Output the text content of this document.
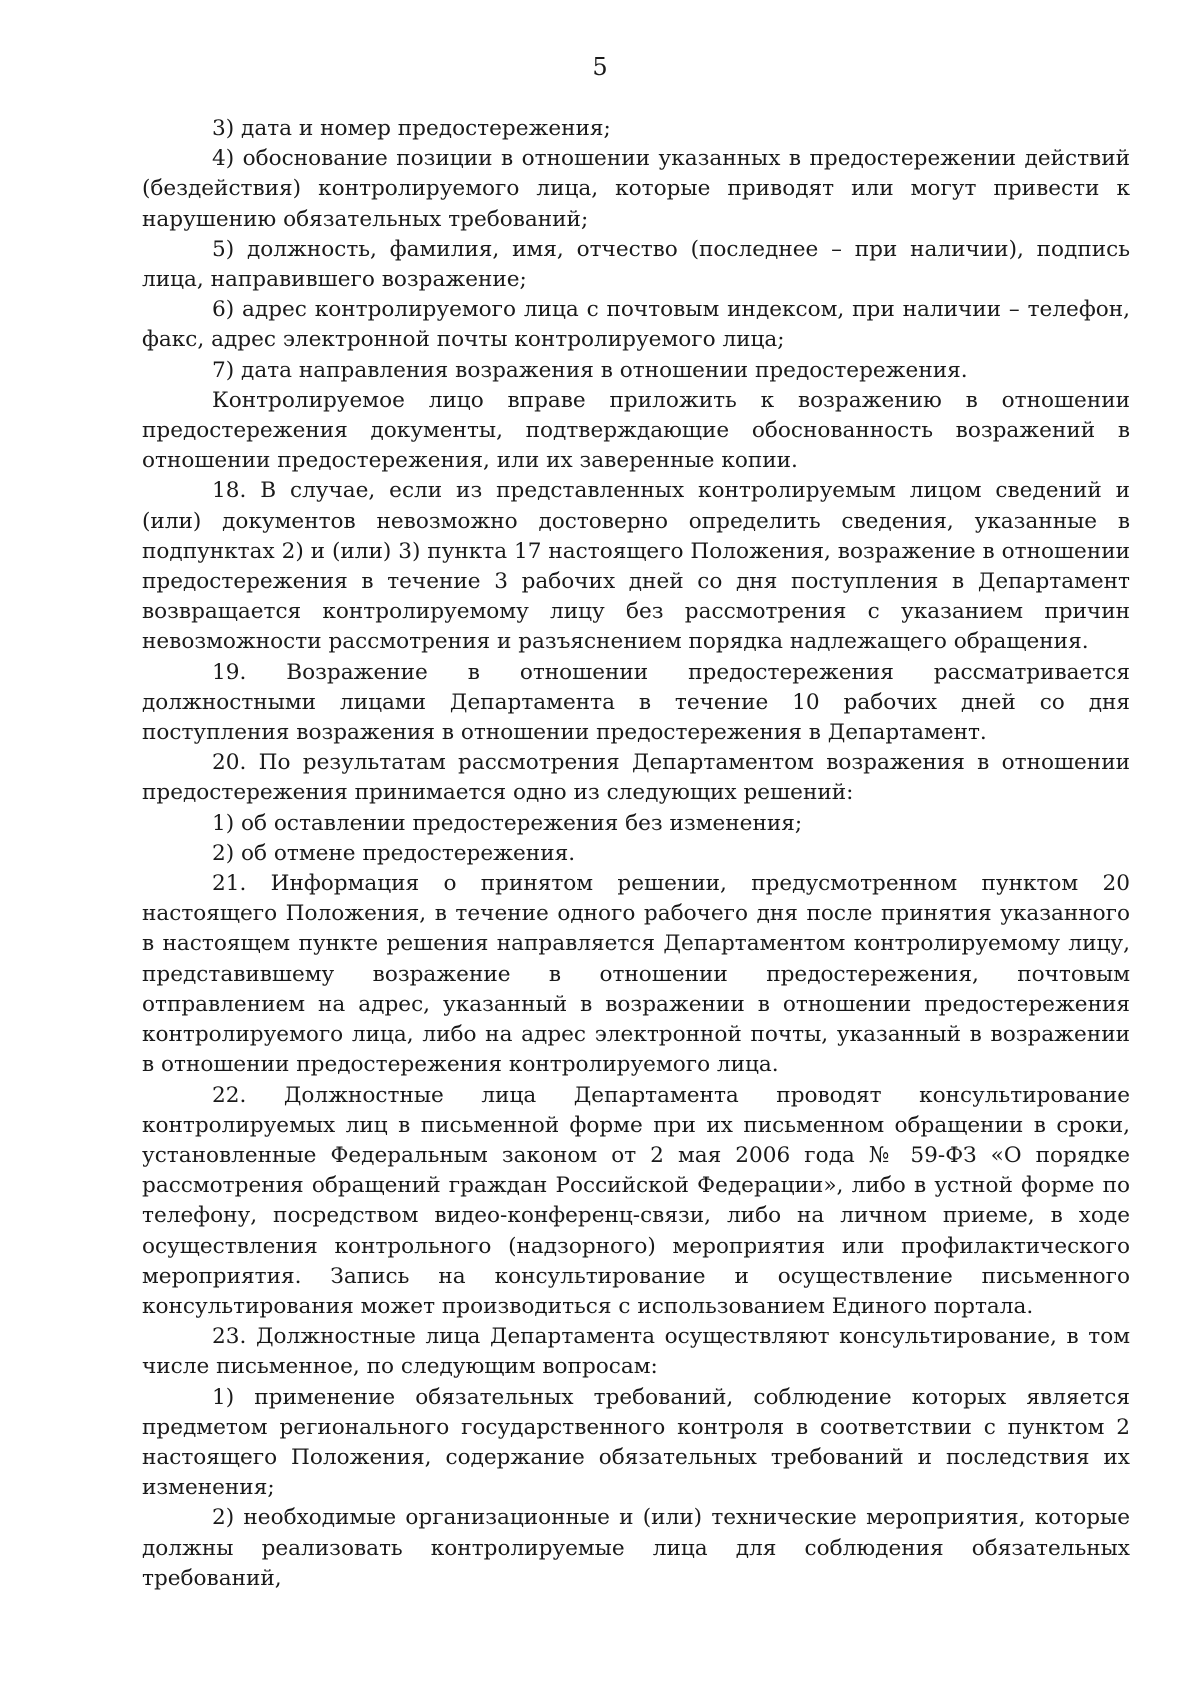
5

3) дата и номер предостережения;

4) обоснование позиции в отношении указанных в предостережении действий (бездействия) контролируемого лица, которые приводят или могут привести к нарушению обязательных требований;

5) должность, фамилия, имя, отчество (последнее – при наличии), подпись лица, направившего возражение;

6) адрес контролируемого лица с почтовым индексом, при наличии – телефон, факс, адрес электронной почты контролируемого лица;

7) дата направления возражения в отношении предостережения.

Контролируемое лицо вправе приложить к возражению в отношении предостережения документы, подтверждающие обоснованность возражений в отношении предостережения, или их заверенные копии.

18. В случае, если из представленных контролируемым лицом сведений и (или) документов невозможно достоверно определить сведения, указанные в подпунктах 2) и (или) 3) пункта 17 настоящего Положения, возражение в отношении предостережения в течение 3 рабочих дней со дня поступления в Департамент возвращается контролируемому лицу без рассмотрения с указанием причин невозможности рассмотрения и разъяснением порядка надлежащего обращения.

19. Возражение в отношении предостережения рассматривается должностными лицами Департамента в течение 10 рабочих дней со дня поступления возражения в отношении предостережения в Департамент.

20. По результатам рассмотрения Департаментом возражения в отношении предостережения принимается одно из следующих решений:

1) об оставлении предостережения без изменения;

2) об отмене предостережения.

21. Информация о принятом решении, предусмотренном пунктом 20 настоящего Положения, в течение одного рабочего дня после принятия указанного в настоящем пункте решения направляется Департаментом контролируемому лицу, представившему возражение в отношении предостережения, почтовым отправлением на адрес, указанный в возражении в отношении предостережения контролируемого лица, либо на адрес электронной почты, указанный в возражении в отношении предостережения контролируемого лица.

22. Должностные лица Департамента проводят консультирование контролируемых лиц в письменной форме при их письменном обращении в сроки, установленные Федеральным законом от 2 мая 2006 года № 59-ФЗ «О порядке рассмотрения обращений граждан Российской Федерации», либо в устной форме по телефону, посредством видео-конференц-связи, либо на личном приеме, в ходе осуществления контрольного (надзорного) мероприятия или профилактического мероприятия. Запись на консультирование и осуществление письменного консультирования может производиться с использованием Единого портала.

23. Должностные лица Департамента осуществляют консультирование, в том числе письменное, по следующим вопросам:

1) применение обязательных требований, соблюдение которых является предметом регионального государственного контроля в соответствии с пунктом 2 настоящего Положения, содержание обязательных требований и последствия их изменения;

2) необходимые организационные и (или) технические мероприятия, которые должны реализовать контролируемые лица для соблюдения обязательных требований,
